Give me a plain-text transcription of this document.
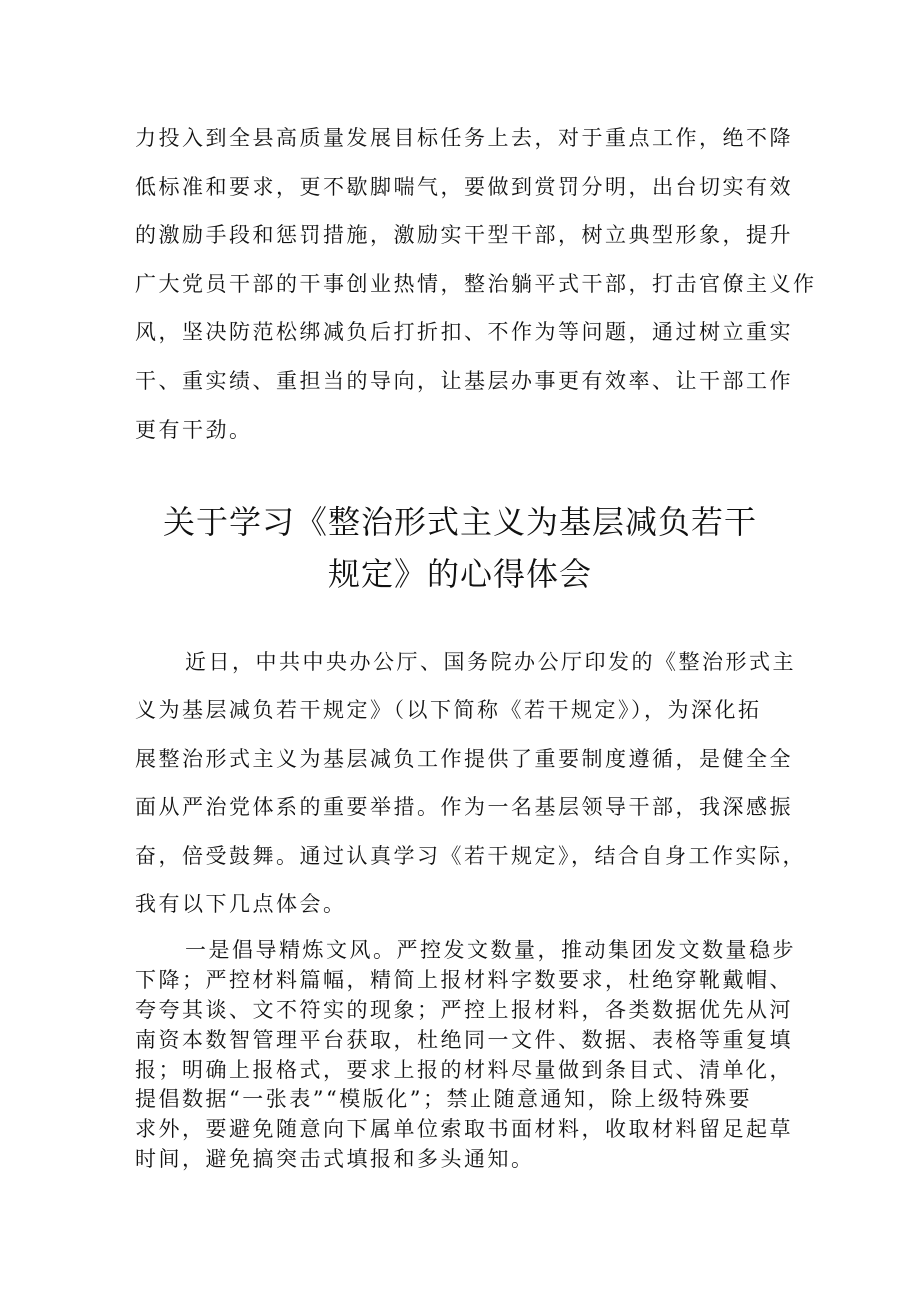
力投入到全县高质量发展目标任务上去，对于重点工作，绝不降
低标准和要求，更不歇脚喘气，要做到赏罚分明，出台切实有效
的激励手段和惩罚措施，激励实干型干部，树立典型形象，提升
广大党员干部的干事创业热情，整治躺平式干部，打击官僚主义作
风，坚决防范松绑减负后打折扣、不作为等问题，通过树立重实
干、重实绩、重担当的导向，让基层办事更有效率、让干部工作
更有干劲。
关于学习《整治形式主义为基层减负若干
规定》的心得体会
近日，中共中央办公厅、国务院办公厅印发的《整治形式主
义为基层减负若干规定》（以下简称《若干规定》），为深化拓
展整治形式主义为基层减负工作提供了重要制度遵循，是健全全
面从严治党体系的重要举措。作为一名基层领导干部，我深感振
奋，倍受鼓舞。通过认真学习《若干规定》，结合自身工作实际，
我有以下几点体会。
一是倡导精炼文风。严控发文数量，推动集团发文数量稳步
下降；严控材料篇幅，精简上报材料字数要求，杜绝穿靴戴帽、
夸夸其谈、文不符实的现象；严控上报材料，各类数据优先从河
南资本数智管理平台获取，杜绝同一文件、数据、表格等重复填
报；明确上报格式，要求上报的材料尽量做到条目式、清单化，
提倡数据“一张表”“模版化”；禁止随意通知，除上级特殊要
求外，要避免随意向下属单位索取书面材料，收取材料留足起草
时间，避免搞突击式填报和多头通知。
